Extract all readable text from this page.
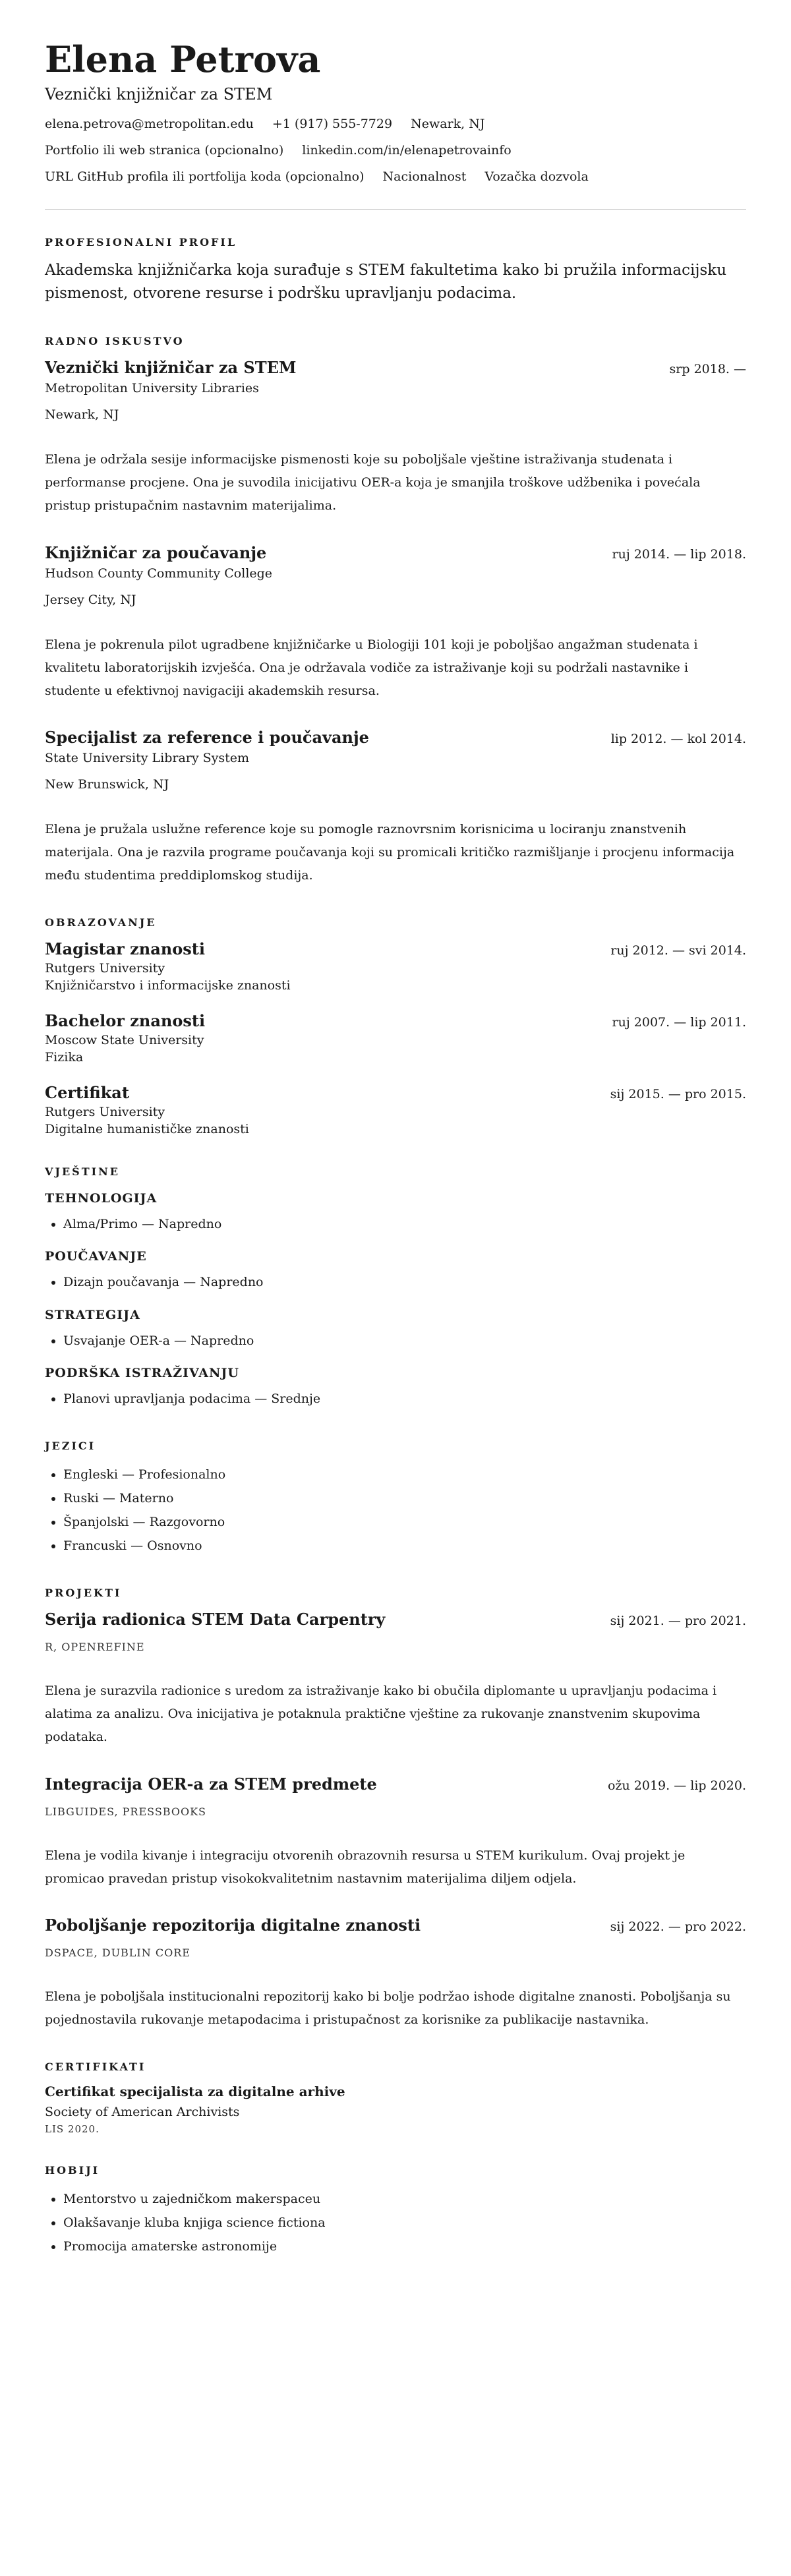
Elena Petrova
Veznički knjižničar za STEM
elena.petrova@metropolitan.edu +1 (917) 555-7729 Newark, NJ
Portfolio ili web stranica (opcionalno) linkedin.com/in/elenapetrovainfo
URL GitHub profila ili portfolija koda (opcionalno) Nacionalnost Vozačka dozvola
PROFESIONALNI PROFIL
Akademska knjižničarka koja surađuje s STEM fakultetima kako bi pružila informacijsku pismenost, otvorene resurse i podršku upravljanju podacima.
RADNO ISKUSTVO
Veznički knjižničar za STEM	srp 2018. —
Metropolitan University Libraries
Newark, NJ
Elena je održala sesije informacijske pismenosti koje su poboljšale vještine istraživanja studenata i performanse procjene. Ona je suvodila inicijativu OER-a koja je smanjila troškove udžbenika i povećala pristup pristupačnim nastavnim materijalima.
Knjižničar za poučavanje	ruj 2014. — lip 2018.
Hudson County Community College
Jersey City, NJ
Elena je pokrenula pilot ugradbene knjižničarke u Biologiji 101 koji je poboljšao angažman studenata i kvalitetu laboratorijskih izvješća. Ona je održavala vodiče za istraživanje koji su podržali nastavnike i studente u efektivnoj navigaciji akademskih resursa.
Specijalist za reference i poučavanje	lip 2012. — kol 2014.
State University Library System
New Brunswick, NJ
Elena je pružala uslužne reference koje su pomogle raznovrsnim korisnicima u lociranju znanstvenih materijala. Ona je razvila programe poučavanja koji su promicali kritičko razmišljanje i procjenu informacija među studentima preddiplomskog studija.
OBRAZOVANJE
Magistar znanosti	ruj 2012. — svi 2014.
Rutgers University
Knjižničarstvo i informacijske znanosti
Bachelor znanosti	ruj 2007. — lip 2011.
Moscow State University
Fizika
Certifikat	sij 2015. — pro 2015.
Rutgers University
Digitalne humanističke znanosti
VJEŠTINE
TEHNOLOGIJA
• Alma/Primo — Napredno
POUČAVANJE
• Dizajn poučavanja — Napredno
STRATEGIJA
• Usvajanje OER-a — Napredno
PODRŠKA ISTRAŽIVANJU
• Planovi upravljanja podacima — Srednje
JEZICI
• Engleski — Profesionalno
• Ruski — Materno
• Španjolski — Razgovorno
• Francuski — Osnovno
PROJEKTI
Serija radionica STEM Data Carpentry	sij 2021. — pro 2021.
R, OPENREFINE
Elena je surazvila radionice s uredom za istraživanje kako bi obučila diplomante u upravljanju podacima i alatima za analizu. Ova inicijativa je potaknula praktične vještine za rukovanje znanstvenim skupovima podataka.
Integracija OER-a za STEM predmete	ožu 2019. — lip 2020.
LIBGUIDES, PRESSBOOKS
Elena je vodila kivanje i integraciju otvorenih obrazovnih resursa u STEM kurikulum. Ovaj projekt je promicao pravedan pristup visokokvalitetnim nastavnim materijalima diljem odjela.
Poboljšanje repozitorija digitalne znanosti	sij 2022. — pro 2022.
DSPACE, DUBLIN CORE
Elena je poboljšala institucionalni repozitorij kako bi bolje podržao ishode digitalne znanosti. Poboljšanja su pojednostavila rukovanje metapodacima i pristupačnost za korisnike za publikacije nastavnika.
CERTIFIKATI
Certifikat specijalista za digitalne arhive
Society of American Archivists
LIS 2020.
HOBIJI
• Mentorstvo u zajedničkom makerspaceu
• Olakšavanje kluba knjiga science fictiona
• Promocija amaterske astronomije
